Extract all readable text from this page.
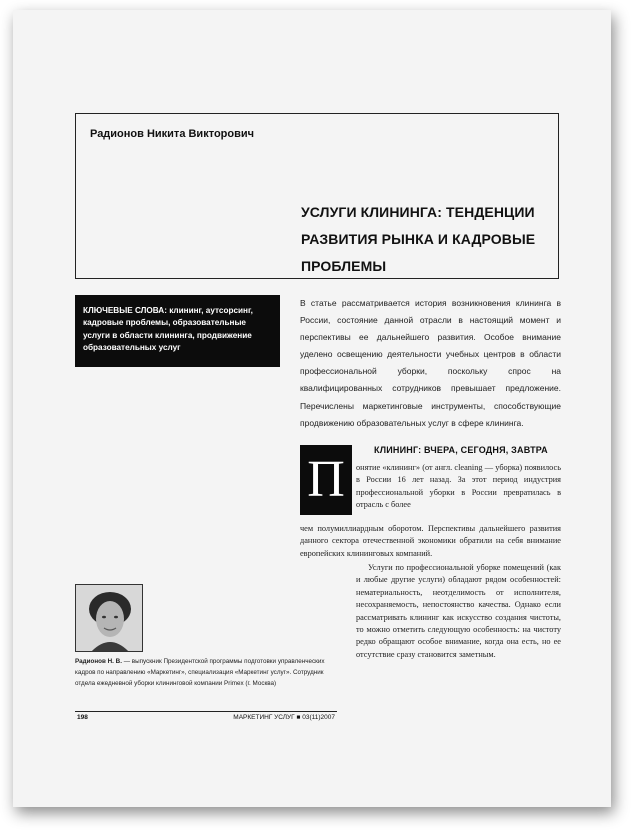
Радионов Никита Викторович
УСЛУГИ КЛИНИНГА: ТЕНДЕНЦИИ
РАЗВИТИЯ РЫНКА И КАДРОВЫЕ
ПРОБЛЕМЫ
КЛЮЧЕВЫЕ СЛОВА: клининг, аутсорсинг, кадровые проблемы, образовательные услуги в области клининга, продвижение образовательных услуг
В статье рассматривается история возникновения клининга в России, состояние данной отрасли в настоящий момент и перспективы ее дальнейшего развития. Особое внимание уделено освещению деятельности учебных центров в области профессиональной уборки, поскольку спрос на квалифицированных сотрудников превышает предложение. Перечислены маркетинговые инструменты, способствующие продвижению образовательных услуг в сфере клининга.
П
КЛИНИНГ: ВЧЕРА, СЕГОДНЯ, ЗАВТРА

онятие «клининг» (от англ. cleaning — уборка) появилось в России 16 лет назад. За этот период индустрия профессиональной уборки в России превратилась в отрасль с более

чем полумиллиардным оборотом. Перспективы дальнейшего развития данного сектора отечественной экономики обратили на себя внимание европейских клининговых компаний.

Услуги по профессиональной уборке помещений (как и любые другие услуги) обладают рядом особенностей: нематериальность, неотделимость от исполнителя, несохраняемость, непостоянство качества. Однако если рассматривать клининг как искусство создания чистоты, то можно отметить следующую особенность: на чистоту редко обращают особое внимание, когда она есть, но ее отсутствие сразу становится заметным.
Радионов Н. В. — выпускник Президентской программы подготовки управленческих кадров по направлению «Маркетинг», специализация «Маркетинг услуг». Сотрудник отдела ежедневной уборки клининговой компании Primex (г. Москва)
198	МАРКЕТИНГ УСЛУГ ■ 03(11)2007
